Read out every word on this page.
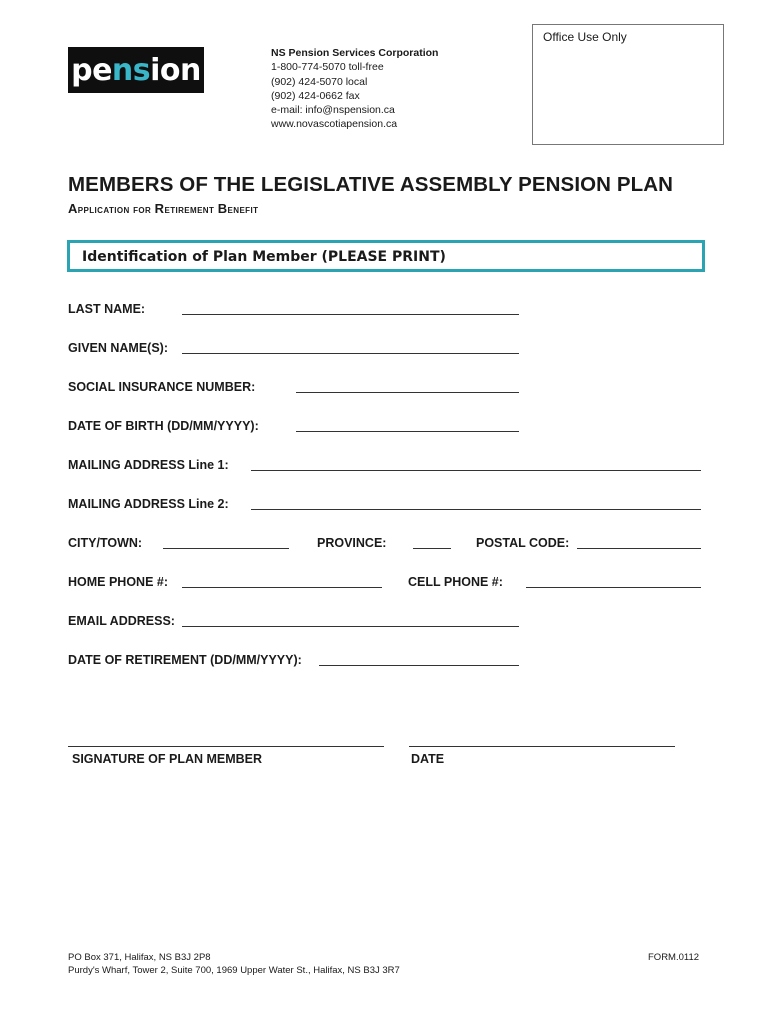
pension	NS Pension Services Corporation
1-800-774-5070 toll-free
(902) 424-5070 local
(902) 424-0662 fax
e-mail: info@nspension.ca
www.novascotiapension.ca
Office Use Only
MEMBERS OF THE LEGISLATIVE ASSEMBLY PENSION PLAN
Application for Retirement Benefit
Identification of Plan Member (PLEASE PRINT)
LAST NAME:
GIVEN NAME(S):
SOCIAL INSURANCE NUMBER:
DATE OF BIRTH (DD/MM/YYYY):
MAILING ADDRESS Line 1:
MAILING ADDRESS Line 2:
CITY/TOWN:	PROVINCE:	POSTAL CODE:
HOME PHONE #:	CELL PHONE #:
EMAIL ADDRESS:
DATE OF RETIREMENT (DD/MM/YYYY):
SIGNATURE OF PLAN MEMBER	DATE
PO Box 371, Halifax, NS B3J 2P8
Purdy's Wharf, Tower 2, Suite 700, 1969 Upper Water St., Halifax, NS B3J 3R7
FORM.0112
